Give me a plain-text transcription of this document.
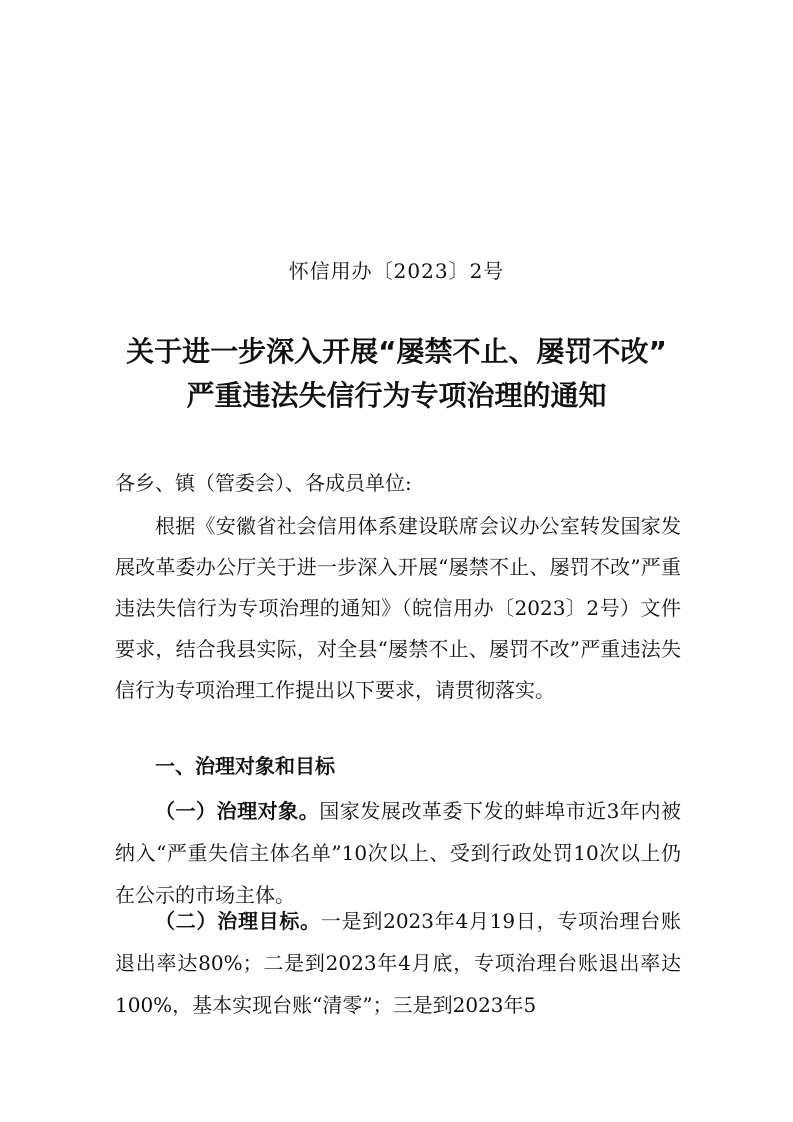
怀信用办〔2023〕2号
关于进一步深入开展“屡禁不止、屡罚不改”
严重违法失信行为专项治理的通知
各乡、镇（管委会）、各成员单位:
根据《安徽省社会信用体系建设联席会议办公室转发国家发展改革委办公厅关于进一步深入开展“屡禁不止、屡罚不改”严重违法失信行为专项治理的通知》（皖信用办〔2023〕2号）文件要求，结合我县实际，对全县“屡禁不止、屡罚不改”严重违法失信行为专项治理工作提出以下要求，请贯彻落实。
一、治理对象和目标
（一）治理对象。国家发展改革委下发的蚌埠市近3年内被纳入“严重失信主体名单”10次以上、受到行政处罚10次以上仍在公示的市场主体。
（二）治理目标。一是到2023年4月19日，专项治理台账退出率达80%；二是到2023年4月底，专项治理台账退出率达100%，基本实现台账“清零”；三是到2023年5
